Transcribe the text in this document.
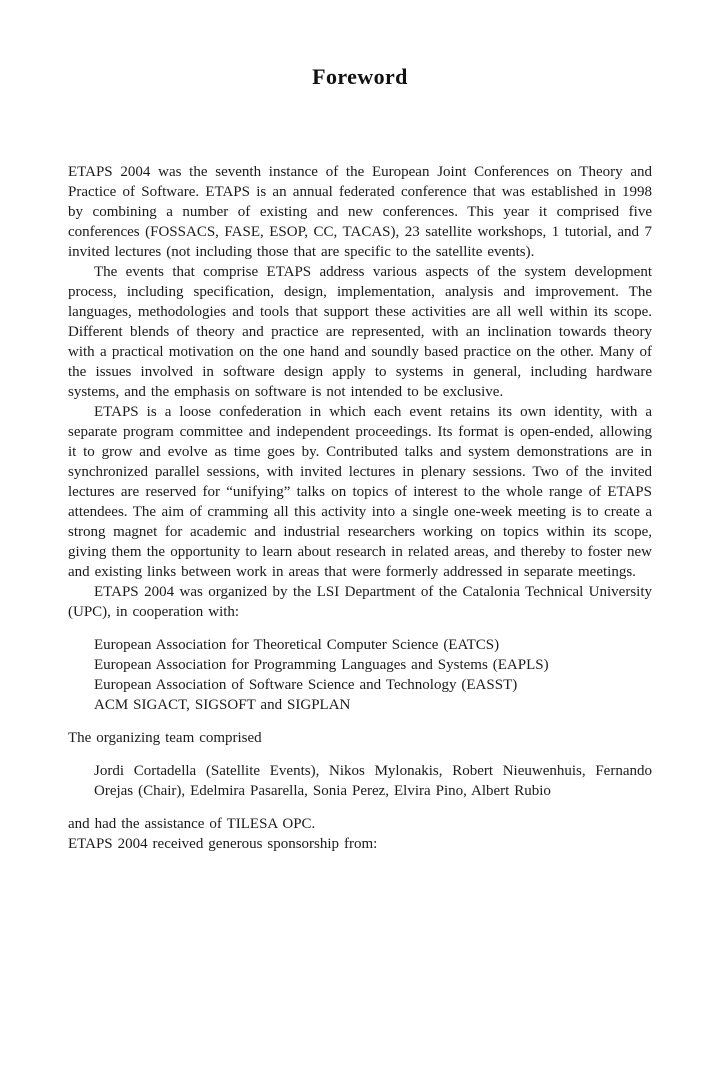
Foreword

ETAPS 2004 was the seventh instance of the European Joint Conferences on Theory and Practice of Software. ETAPS is an annual federated conference that was established in 1998 by combining a number of existing and new conferences. This year it comprised five conferences (FOSSACS, FASE, ESOP, CC, TACAS), 23 satellite workshops, 1 tutorial, and 7 invited lectures (not including those that are specific to the satellite events).

The events that comprise ETAPS address various aspects of the system development process, including specification, design, implementation, analysis and improvement. The languages, methodologies and tools that support these activities are all well within its scope. Different blends of theory and practice are represented, with an inclination towards theory with a practical motivation on the one hand and soundly based practice on the other. Many of the issues involved in software design apply to systems in general, including hardware systems, and the emphasis on software is not intended to be exclusive.

ETAPS is a loose confederation in which each event retains its own identity, with a separate program committee and independent proceedings. Its format is open-ended, allowing it to grow and evolve as time goes by. Contributed talks and system demonstrations are in synchronized parallel sessions, with invited lectures in plenary sessions. Two of the invited lectures are reserved for “unifying” talks on topics of interest to the whole range of ETAPS attendees. The aim of cramming all this activity into a single one-week meeting is to create a strong magnet for academic and industrial researchers working on topics within its scope, giving them the opportunity to learn about research in related areas, and thereby to foster new and existing links between work in areas that were formerly addressed in separate meetings.

ETAPS 2004 was organized by the LSI Department of the Catalonia Technical University (UPC), in cooperation with:

European Association for Theoretical Computer Science (EATCS)
European Association for Programming Languages and Systems (EAPLS)
European Association of Software Science and Technology (EASST)
ACM SIGACT, SIGSOFT and SIGPLAN

The organizing team comprised

Jordi Cortadella (Satellite Events), Nikos Mylonakis, Robert Nieuwenhuis, Fernando Orejas (Chair), Edelmira Pasarella, Sonia Perez, Elvira Pino, Albert Rubio

and had the assistance of TILESA OPC.

ETAPS 2004 received generous sponsorship from:
